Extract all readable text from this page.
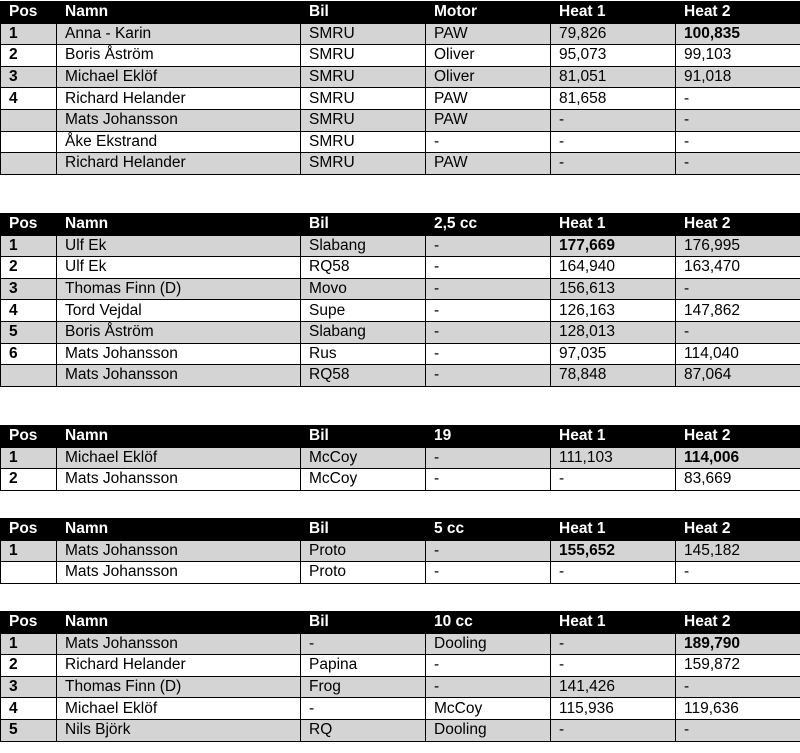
Pos	Namn	Bil	Motor	Heat 1	Heat 2
1	Anna - Karin	SMRU	PAW	79,826	100,835
2	Boris Åström	SMRU	Oliver	95,073	99,103
3	Michael Eklöf	SMRU	Oliver	81,051	91,018
4	Richard Helander	SMRU	PAW	81,658	-
	Mats Johansson	SMRU	PAW	-	-
	Åke Ekstrand	SMRU	-	-	-
	Richard Helander	SMRU	PAW	-	-
Pos	Namn	Bil	2,5 cc	Heat 1	Heat 2
1	Ulf Ek	Slabang	-	177,669	176,995
2	Ulf Ek	RQ58	-	164,940	163,470
3	Thomas Finn (D)	Movo	-	156,613	-
4	Tord Vejdal	Supe	-	126,163	147,862
5	Boris Åström	Slabang	-	128,013	-
6	Mats Johansson	Rus	-	97,035	114,040
	Mats Johansson	RQ58	-	78,848	87,064
Pos	Namn	Bil	19	Heat 1	Heat 2
1	Michael Eklöf	McCoy	-	111,103	114,006
2	Mats Johansson	McCoy	-	-	83,669
Pos	Namn	Bil	5 cc	Heat 1	Heat 2
1	Mats Johansson	Proto	-	155,652	145,182
	Mats Johansson	Proto	-	-	-
Pos	Namn	Bil	10 cc	Heat 1	Heat 2
1	Mats Johansson	-	Dooling	-	189,790
2	Richard Helander	Papina	-	-	159,872
3	Thomas Finn (D)	Frog	-	141,426	-
4	Michael Eklöf	-	McCoy	115,936	119,636
5	Nils Björk	RQ	Dooling	-	-
